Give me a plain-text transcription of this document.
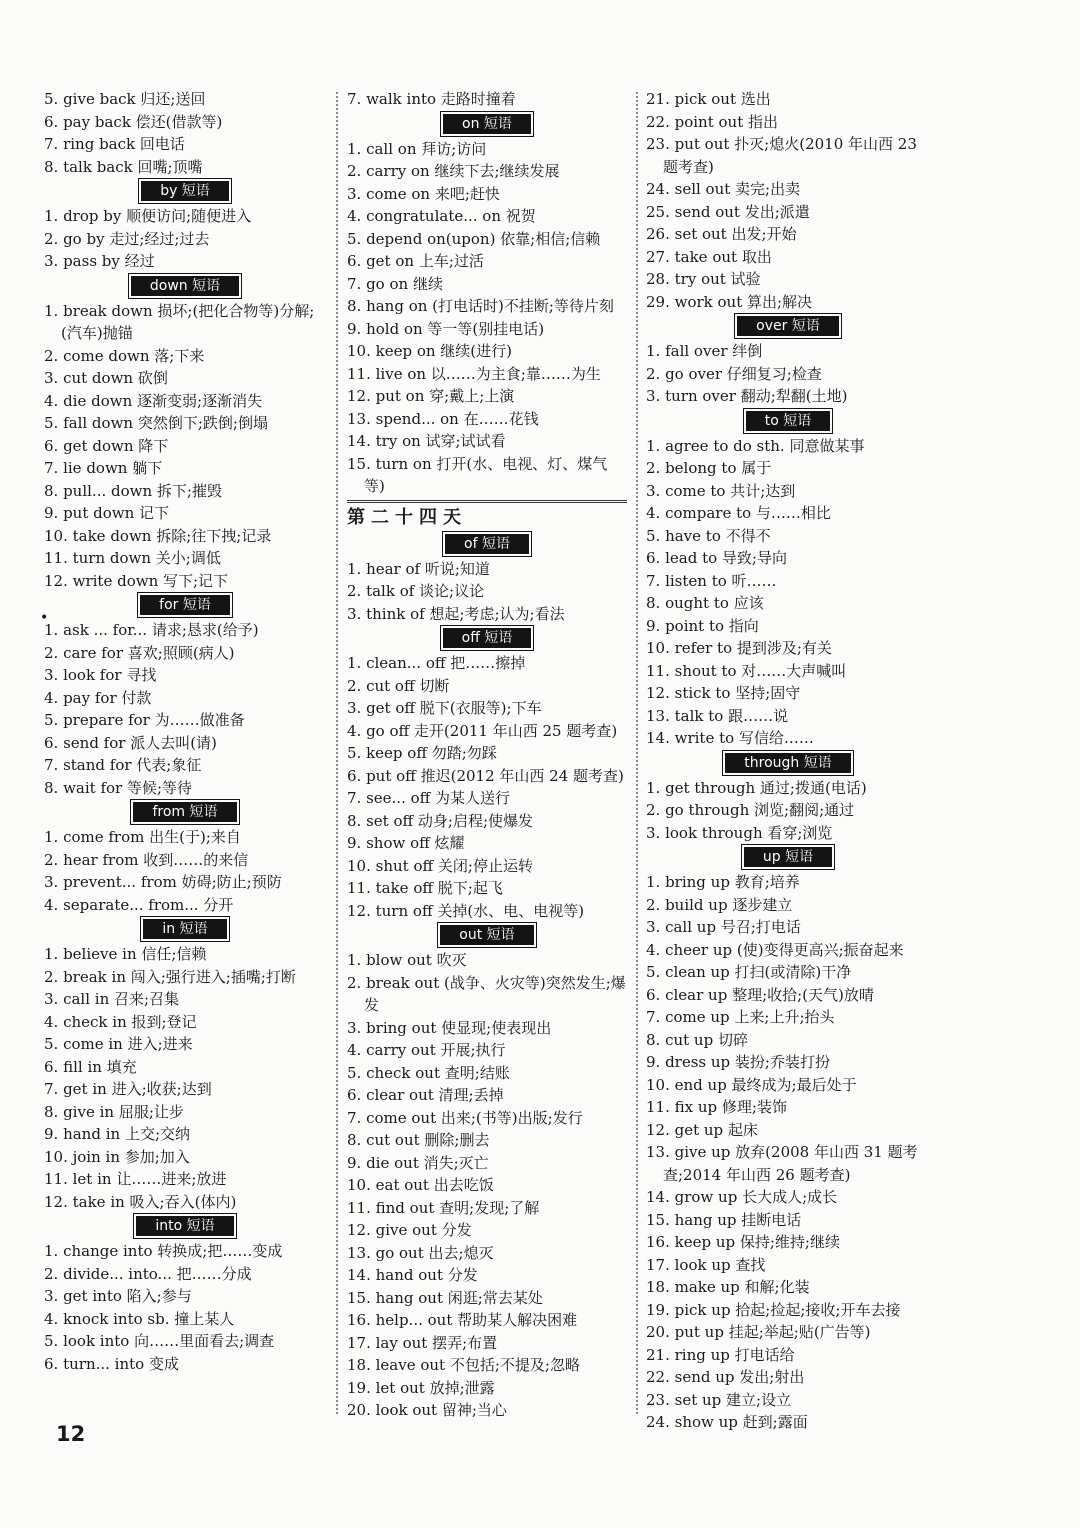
5. give back 归还;送回
6. pay back 偿还(借款等)
7. ring back 回电话
8. talk back 回嘴;顶嘴
by 短语
1. drop by 顺便访问;随便进入
2. go by 走过;经过;过去
3. pass by 经过
down 短语
1. break down 损坏;(把化合物等)分解;(汽车)抛锚
2. come down 落;下来
3. cut down 砍倒
4. die down 逐渐变弱;逐渐消失
5. fall down 突然倒下;跌倒;倒塌
6. get down 降下
7. lie down 躺下
8. pull... down 拆下;摧毁
9. put down 记下
10. take down 拆除;往下拽;记录
11. turn down 关小;调低
12. write down 写下;记下
for 短语
1. ask ... for... 请求;恳求(给予)
2. care for 喜欢;照顾(病人)
3. look for 寻找
4. pay for 付款
5. prepare for 为……做准备
6. send for 派人去叫(请)
7. stand for 代表;象征
8. wait for 等候;等待
from 短语
1. come from 出生(于);来自
2. hear from 收到……的来信
3. prevent... from 妨碍;防止;预防
4. separate... from... 分开
in 短语
1. believe in 信任;信赖
2. break in 闯入;强行进入;插嘴;打断
3. call in 召来;召集
4. check in 报到;登记
5. come in 进入;进来
6. fill in 填充
7. get in 进入;收获;达到
8. give in 屈服;让步
9. hand in 上交;交纳
10. join in 参加;加入
11. let in 让……进来;放进
12. take in 吸入;吞入(体内)
into 短语
1. change into 转换成;把……变成
2. divide... into... 把……分成
3. get into 陷入;参与
4. knock into sb. 撞上某人
5. look into 向……里面看去;调查
6. turn... into 变成
7. walk into 走路时撞着
on 短语
1. call on 拜访;访问
2. carry on 继续下去;继续发展
3. come on 来吧;赶快
4. congratulate... on 祝贺
5. depend on(upon) 依靠;相信;信赖
6. get on 上车;过活
7. go on 继续
8. hang on (打电话时)不挂断;等待片刻
9. hold on 等一等(别挂电话)
10. keep on 继续(进行)
11. live on 以……为主食;靠……为生
12. put on 穿;戴上;上演
13. spend... on 在……花钱
14. try on 试穿;试试看
15. turn on 打开(水、电视、灯、煤气等)
第二十四天
of 短语
1. hear of 听说;知道
2. talk of 谈论;议论
3. think of 想起;考虑;认为;看法
off 短语
1. clean... off 把……擦掉
2. cut off 切断
3. get off 脱下(衣服等);下车
4. go off 走开(2011 年山西 25 题考查)
5. keep off 勿踏;勿踩
6. put off 推迟(2012 年山西 24 题考查)
7. see... off 为某人送行
8. set off 动身;启程;使爆发
9. show off 炫耀
10. shut off 关闭;停止运转
11. take off 脱下;起飞
12. turn off 关掉(水、电、电视等)
out 短语
1. blow out 吹灭
2. break out (战争、火灾等)突然发生;爆发
3. bring out 使显现;使表现出
4. carry out 开展;执行
5. check out 查明;结账
6. clear out 清理;丢掉
7. come out 出来;(书等)出版;发行
8. cut out 删除;删去
9. die out 消失;灭亡
10. eat out 出去吃饭
11. find out 查明;发现;了解
12. give out 分发
13. go out 出去;熄灭
14. hand out 分发
15. hang out 闲逛;常去某处
16. help... out 帮助某人解决困难
17. lay out 摆弄;布置
18. leave out 不包括;不提及;忽略
19. let out 放掉;泄露
20. look out 留神;当心
21. pick out 选出
22. point out 指出
23. put out 扑灭;熄火(2010 年山西 23 题考查)
24. sell out 卖完;出卖
25. send out 发出;派遣
26. set out 出发;开始
27. take out 取出
28. try out 试验
29. work out 算出;解决
over 短语
1. fall over 绊倒
2. go over 仔细复习;检查
3. turn over 翻动;犁翻(土地)
to 短语
1. agree to do sth. 同意做某事
2. belong to 属于
3. come to 共计;达到
4. compare to 与……相比
5. have to 不得不
6. lead to 导致;导向
7. listen to 听……
8. ought to 应该
9. point to 指向
10. refer to 提到涉及;有关
11. shout to 对……大声喊叫
12. stick to 坚持;固守
13. talk to 跟……说
14. write to 写信给……
through 短语
1. get through 通过;拨通(电话)
2. go through 浏览;翻阅;通过
3. look through 看穿;浏览
up 短语
1. bring up 教育;培养
2. build up 逐步建立
3. call up 号召;打电话
4. cheer up (使)变得更高兴;振奋起来
5. clean up 打扫(或清除)干净
6. clear up 整理;收拾;(天气)放晴
7. come up 上来;上升;抬头
8. cut up 切碎
9. dress up 装扮;乔装打扮
10. end up 最终成为;最后处于
11. fix up 修理;装饰
12. get up 起床
13. give up 放弃(2008 年山西 31 题考查;2014 年山西 26 题考查)
14. grow up 长大成人;成长
15. hang up 挂断电话
16. keep up 保持;维持;继续
17. look up 查找
18. make up 和解;化装
19. pick up 拾起;捡起;接收;开车去接
20. put up 挂起;举起;贴(广告等)
21. ring up 打电话给
22. send up 发出;射出
23. set up 建立;设立
24. show up 赶到;露面
•
12
